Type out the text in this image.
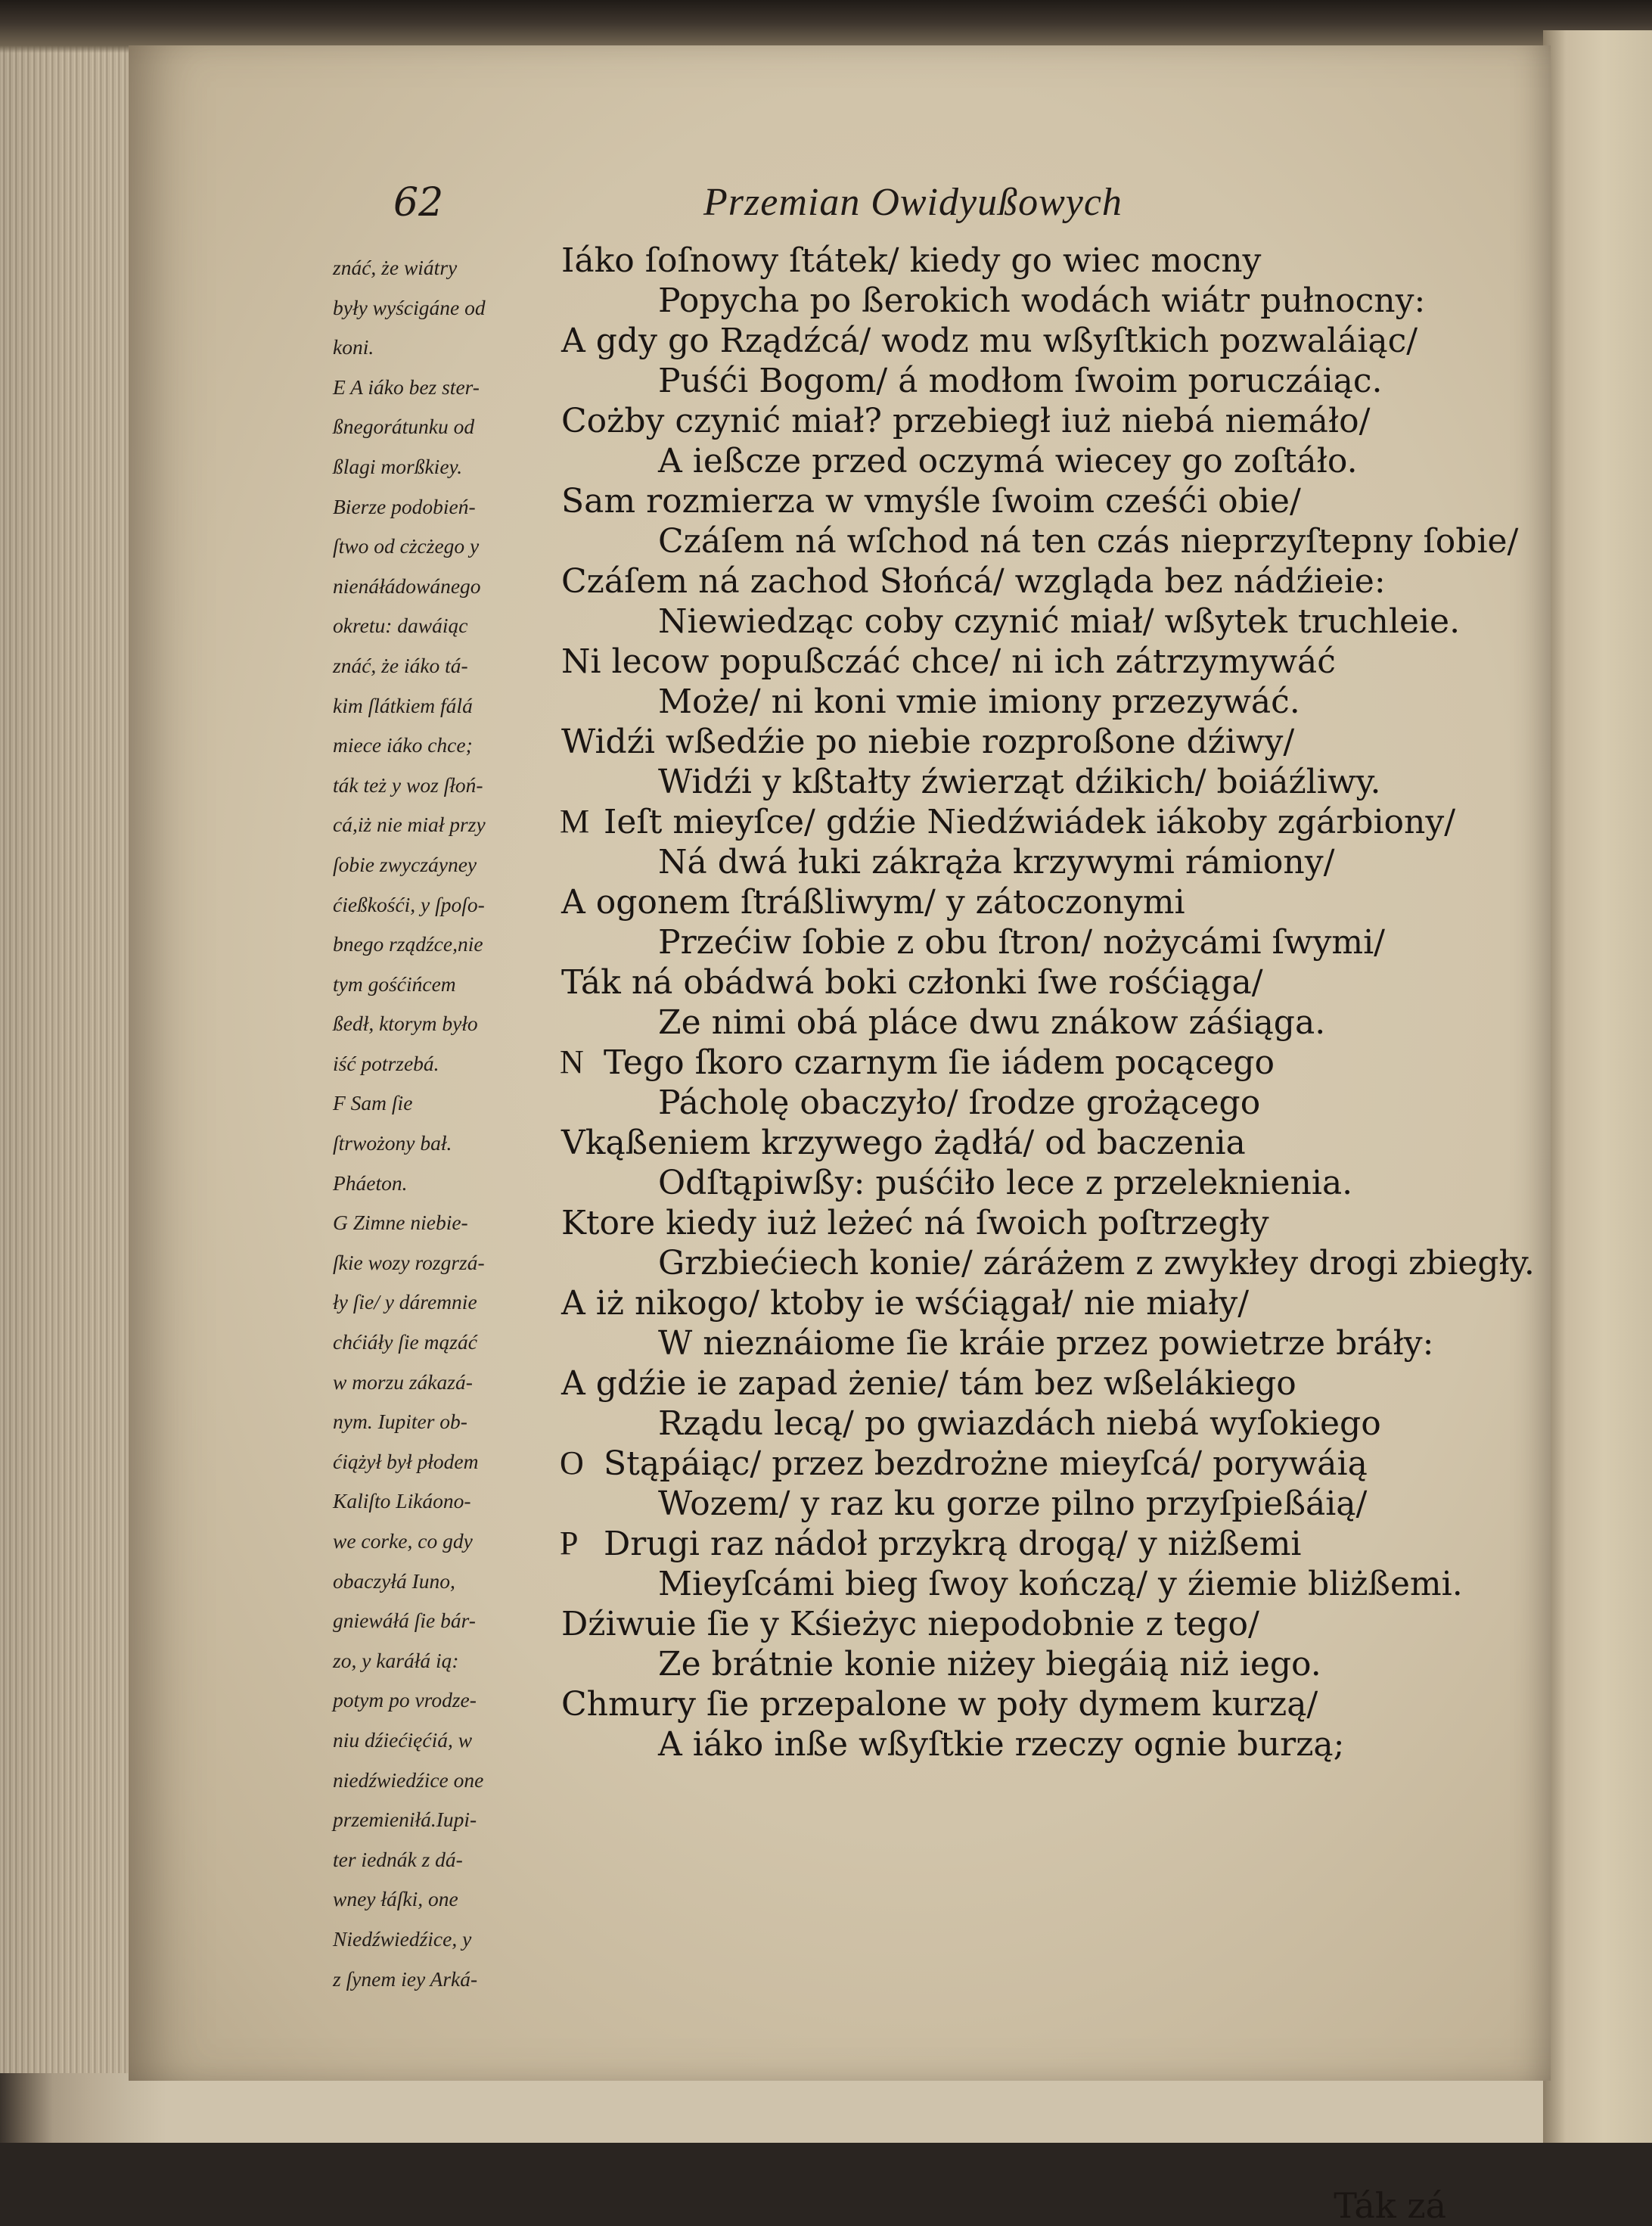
62	Przemian Owidyußowych
znáć, że wiátry
były wyścigáne od
koni.
E A iáko bez ster-
ßnegorátunku od
ßlagi morßkiey.
Bierze podobień-
ſtwo od cżcżego y
nienáłádowánego
okretu: dawáiąc
znáć, że iáko tá-
kim ſlátkiem fálá
miece iáko chce;
ták też y woz ſłoń-
cá,iż nie miał przy
ſobie zwyczáyney
ćießkośći, y ſpoſo-
bnego rządźce,nie
tym gośćińcem
ßedł, ktorym było
iść potrzebá.
F Sam ſie
ſtrwożony bał.
Pháeton.
G Zimne niebie-
ſkie wozy rozgrzá-
ły ſie/ y dáremnie
chćiáły ſie mązáć
w morzu zákazá-
nym. Iupiter ob-
ćiążył był płodem
Kaliſto Likáono-
we corke, co gdy
obaczyłá Iuno,
gniewáłá ſie bár-
zo, y karáłá ią:
potym po vrodze-
niu dźiećięćiá, w
niedźwiedźice one
przemieniłá.Iupi-
ter iednák z dá-
wney łáſki, one
Niedźwiedźice, y
z ſynem iey Arká-
M
N
O
P
Iáko ſoſnowy ſtátek/ kiedy go wiec mocny
Popycha po ßerokich wodách wiátr pułnocny:
A gdy go Rządźcá/ wodz mu wßyſtkich pozwaláiąc/
Puśći Bogom/ á modłom ſwoim poruczáiąc.
Cożby czynić miał? przebiegł iuż niebá niemáło/
A ießcze przed oczymá wiecey go zoſtáło.
Sam rozmierza w vmyśle ſwoim cześći obie/
Czáſem ná wſchod ná ten czás nieprzyſtepny ſobie/
Czáſem ná zachod Słońcá/ wzgląda bez nádźieie:
Niewiedząc coby czynić miał/ wßytek truchleie.
Ni lecow popußczáć chce/ ni ich zátrzymywáć
Może/ ni koni vmie imiony przezywáć.
Widźi wßedźie po niebie rozproßone dźiwy/
Widźi y kßtałty źwierząt dźikich/ boiáźliwy.
Ieſt mieyſce/ gdźie Niedźwiádek iákoby zgárbiony/
Ná dwá łuki zákrąża krzywymi rámiony/
A ogonem ſtráßliwym/ y zátoczonymi
Przećiw ſobie z obu ſtron/ nożycámi ſwymi/
Ták ná obádwá boki członki ſwe rośćiąga/
Ze nimi obá pláce dwu znákow záśiąga.
Tego ſkoro czarnym ſie iádem pocącego
Pácholę obaczyło/ ſrodze grożącego
Vkąßeniem krzywego żądłá/ od baczenia
Odſtąpiwßy: puśćiło lece z przeleknienia.
Ktore kiedy iuż leżeć ná ſwoich poſtrzegły
Grzbiećiech konie/ záráżem z zwykłey drogi zbiegły.
A iż nikogo/ ktoby ie wśćiągał/ nie miały/
W nieznáiome ſie kráie przez powietrze bráły:
A gdźie ie zapad żenie/ tám bez wßelákiego
Rządu lecą/ po gwiazdách niebá wyſokiego
Stąpáiąc/ przez bezdrożne mieyſcá/ porywáią
Wozem/ y raz ku gorze pilno przyſpießáią/
Drugi raz nádoł przykrą drogą/ y niżßemi
Mieyſcámi bieg ſwoy kończą/ y źiemie bliżßemi.
Dźiwuie ſie y Kśieżyc niepodobnie z tego/
Ze brátnie konie niżey biegáią niż iego.
Chmury ſie przepalone w poły dymem kurzą/
A iáko inße wßyſtkie rzeczy ognie burzą;
Ták zá
